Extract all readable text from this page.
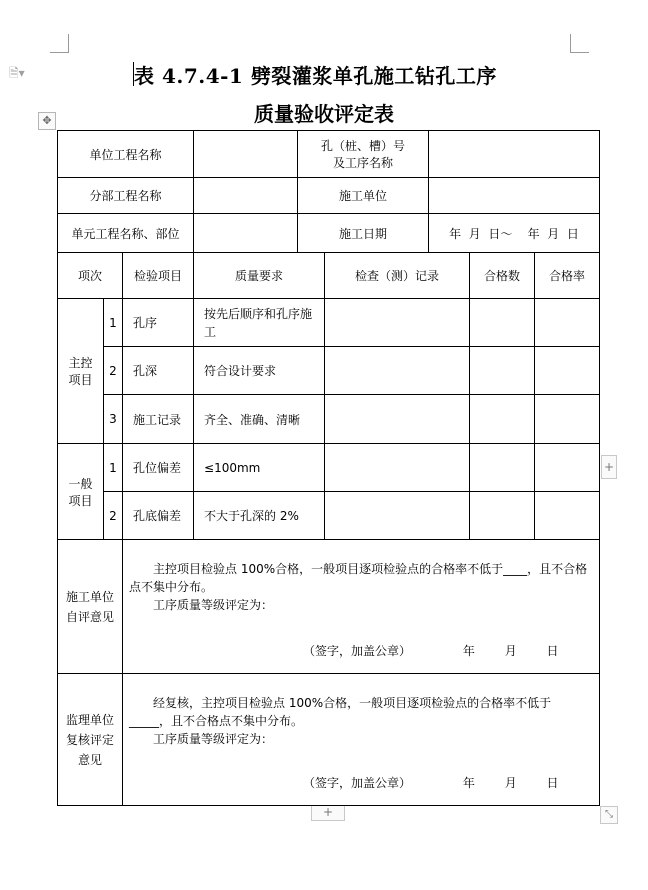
🗎▾
✥
+
+	⤡

表 4.7.4-1 劈裂灌浆单孔施工钻孔工序

质量验收评定表

单位工程名称				孔（桩、槽）号
及工序名称				

分部工程名称				施工单位				
单元工程名称、部位				施工日期		年  月  日～    年  月  日		
项次		检验项目	质量要求		检查（测）记录		合格数	合格率

主控
项目	1	孔序	按先后顺序和孔序施工					
	2	孔深	符合设计要求					
	3	施工记录	齐全、准确、清晰					

一般
项目	1	孔位偏差	≤100mm					
	2	孔底偏差	不大于孔深的 2%					
施工单位自评意见		主控项目检验点 100%合格，一般项目逐项检验点的合格率不低于____，且不合格点不集中分布。

工序质量等级评定为：

（签字，加盖公章） 年 月 日						

监理单位复核评定意见		经复核，主控项目检验点 100%合格，一般项目逐项检验点的合格率不低于_____，且不合格点不集中分布。

工序质量等级评定为：

（签字，加盖公章） 年 月 日						
